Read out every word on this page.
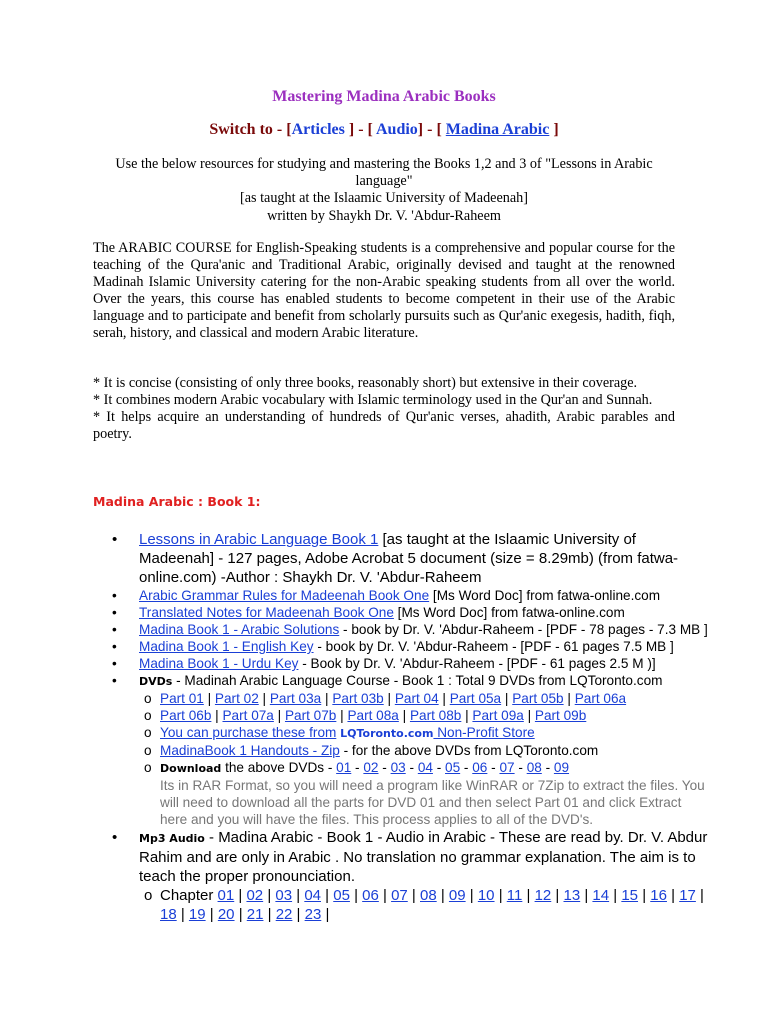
Mastering Madina Arabic Books
Switch to - [Articles ] - [ Audio] - [ Madina Arabic ]
Use the below resources for studying and mastering the Books 1,2 and 3 of "Lessons in Arabic language"
[as taught at the Islaamic University of Madeenah]
written by Shaykh Dr. V. 'Abdur-Raheem
The ARABIC COURSE for English-Speaking students is a comprehensive and popular course for the teaching of the Qura'anic and Traditional Arabic, originally devised and taught at the renowned Madinah Islamic University catering for the non-Arabic speaking students from all over the world. Over the years, this course has enabled students to become competent in their use of the Arabic language and to participate and benefit from scholarly pursuits such as Qur'anic exegesis, hadith, fiqh, serah, history, and classical and modern Arabic literature.

* It is concise (consisting of only three books, reasonably short) but extensive in their coverage.

* It combines modern Arabic vocabulary with Islamic terminology used in the Qur'an and Sunnah.

* It helps acquire an understanding of hundreds of Qur'anic verses, ahadith, Arabic parables and poetry.

Madina Arabic : Book 1:
•	Lessons in Arabic Language Book 1 [as taught at the Islaamic University of Madeenah] - 127 pages, Adobe Acrobat 5 document (size = 8.29mb) (from fatwa-online.com) -Author : Shaykh Dr. V. 'Abdur-Raheem
•	Arabic Grammar Rules for Madeenah Book One [Ms Word Doc] from fatwa-online.com
•	Translated Notes for Madeenah Book One [Ms Word Doc] from fatwa-online.com
•	Madina Book 1 - Arabic Solutions - book by Dr. V. 'Abdur-Raheem - [PDF - 78 pages - 7.3 MB ]
•	Madina Book 1 - English Key - book by Dr. V. 'Abdur-Raheem - [PDF - 61 pages 7.5 MB ]
•	Madina Book 1 - Urdu Key - Book by Dr. V. 'Abdur-Raheem - [PDF - 61 pages 2.5 M )]
•	DVDs - Madinah Arabic Language Course - Book 1 : Total 9 DVDs from LQToronto.com
o Part 01 | Part 02 | Part 03a | Part 03b | Part 04 | Part 05a | Part 05b | Part 06a
o Part 06b | Part 07a | Part 07b | Part 08a | Part 08b | Part 09a | Part 09b
o You can purchase these from LQToronto.com Non-Profit Store
o MadinaBook 1 Handouts - Zip - for the above DVDs from LQToronto.com
o Download the above DVDs - 01 - 02 - 03 - 04 - 05 - 06 - 07 - 08 - 09
Its in RAR Format, so you will need a program like WinRAR or 7Zip to extract the files. You will need to download all the parts for DVD 01 and then select Part 01 and click Extract here and you will have the files. This process applies to all of the DVD's.
•	Mp3 Audio - Madina Arabic - Book 1 - Audio in Arabic - These are read by. Dr. V. Abdur Rahim and are only in Arabic . No translation no grammar explanation. The aim is to teach the proper pronounciation.
o Chapter 01 | 02 | 03 | 04 | 05 | 06 | 07 | 08 | 09 | 10 | 11 | 12 | 13 | 14 | 15 | 16 | 17 | 18 | 19 | 20 | 21 | 22 | 23 |
